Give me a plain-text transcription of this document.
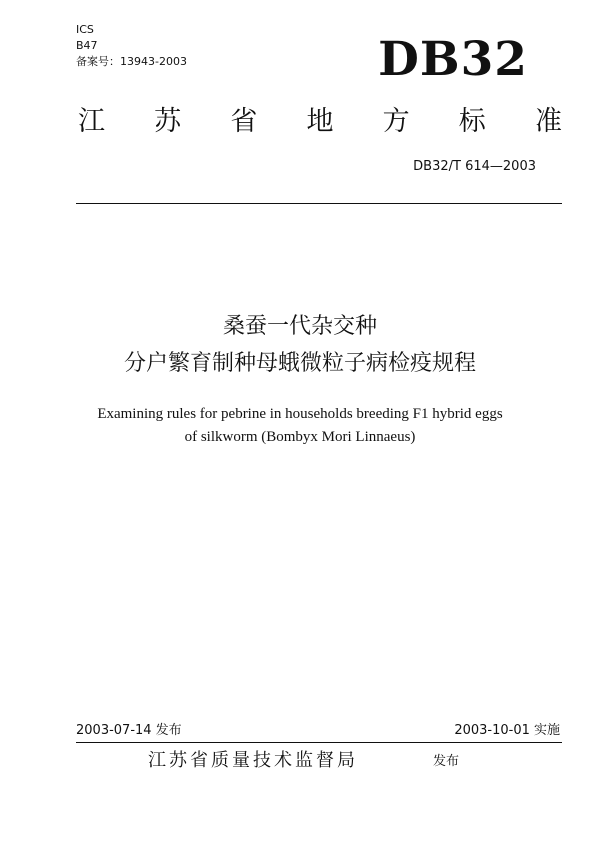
ICS
B47
备案号：13943-2003	DB32
江 苏 省 地 方 标 准
DB32/T 614—2003
桑蚕一代杂交种
分户繁育制种母蛾微粒子病检疫规程
Examining rules for pebrine in households breeding F1 hybrid eggs
of silkworm (Bombyx Mori Linnaeus)
2003-07-14 发布	2003-10-01 实施
江苏省质量技术监督局	发布
